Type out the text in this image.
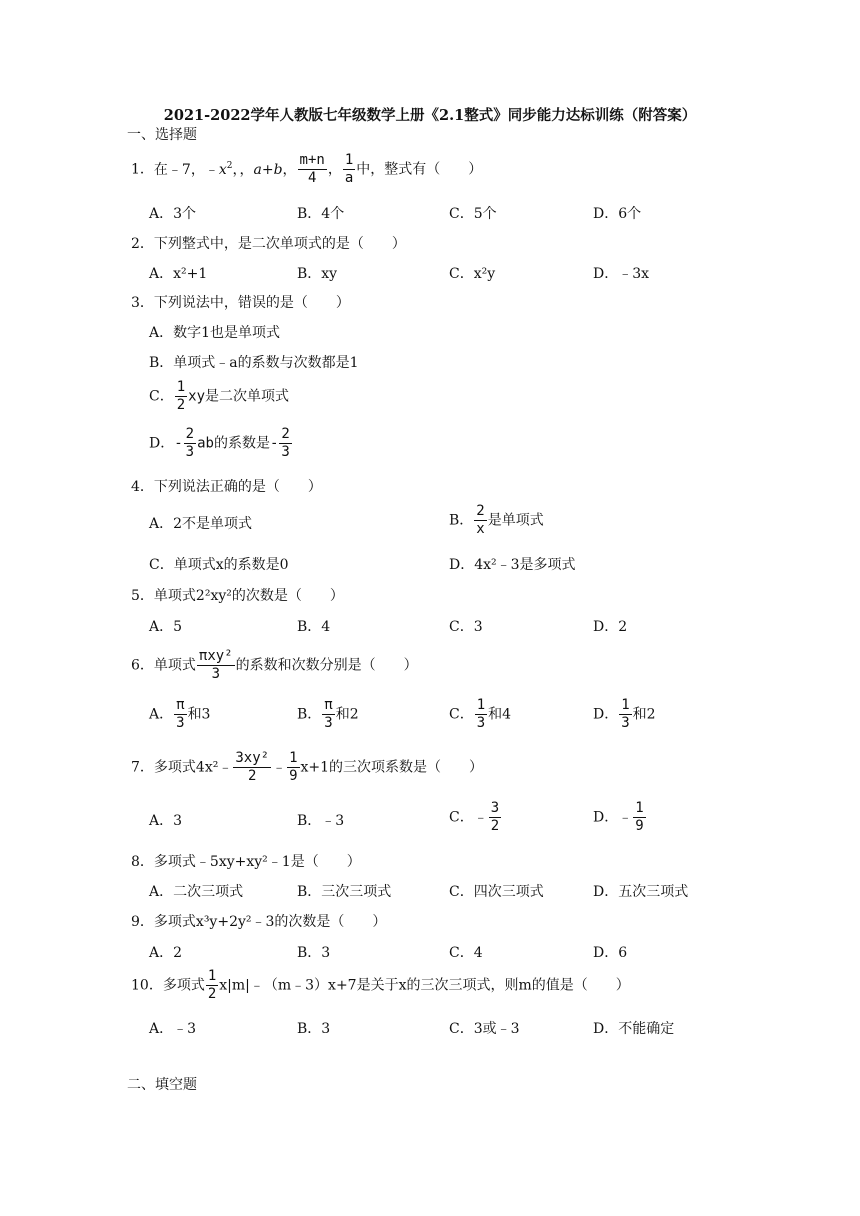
2021-2022学年人教版七年级数学上册《2.1整式》同步能力达标训练（附答案）
一、选择题
1．在﹣7，$﹣x^2$，，a+b， $\frac{m+n}{4}$ ， $\frac{1}{a}$ 中，整式有（　　）
A．3个	B．4个	C．5个	D．6个
2．下列整式中，是二次单项式的是（　　）
A．x²+1	B．xy	C．x²y	D．﹣3x
3．下列说法中，错误的是（　　）
A．数字1也是单项式
B．单项式﹣a的系数与次数都是1
C． $\frac{1}{2}$ xy是二次单项式
D．- $\frac{2}{3}$ ab的系数是- $\frac{2}{3}$
4．下列说法正确的是（　　）
A．2不是单项式	B． $\frac{2}{x}$ 是单项式
C．单项式x的系数是0	D．4x²﹣3是多项式
5．单项式2²xy²的次数是（　　）
A．5	B．4	C．3	D．2
6．单项式 $\frac{\text{πxy²}}{3}$ 的系数和次数分别是（　　）
A． $\frac{\pi}{3}$ 和3	B． $\frac{\pi}{3}$ 和2	C． $\frac{1}{3}$ 和4	D． $\frac{1}{3}$ 和2
7．多项式4x²﹣ $\frac{\text{3xy²}}{2}$ ﹣ $\frac{1}{9} x+1$的三次项系数是（　　）
A．3	B．﹣3	C．﹣ $\frac{3}{2}$	D．﹣ $\frac{1}{9}$
8．多项式﹣5xy+xy²﹣1是（　　）
A．二次三项式	B．三次三项式	C．四次三项式	D．五次三项式
9．多项式x³y+2y²﹣3的次数是（　　）
A．2	B．3	C．4	D．6
10．多项式 $\frac{1}{2}$ x|m|﹣（m﹣3）x+7是关于x的三次三项式，则m的值是（　　）
A．﹣3	B．3	C．3或﹣3	D．不能确定
二、填空题
